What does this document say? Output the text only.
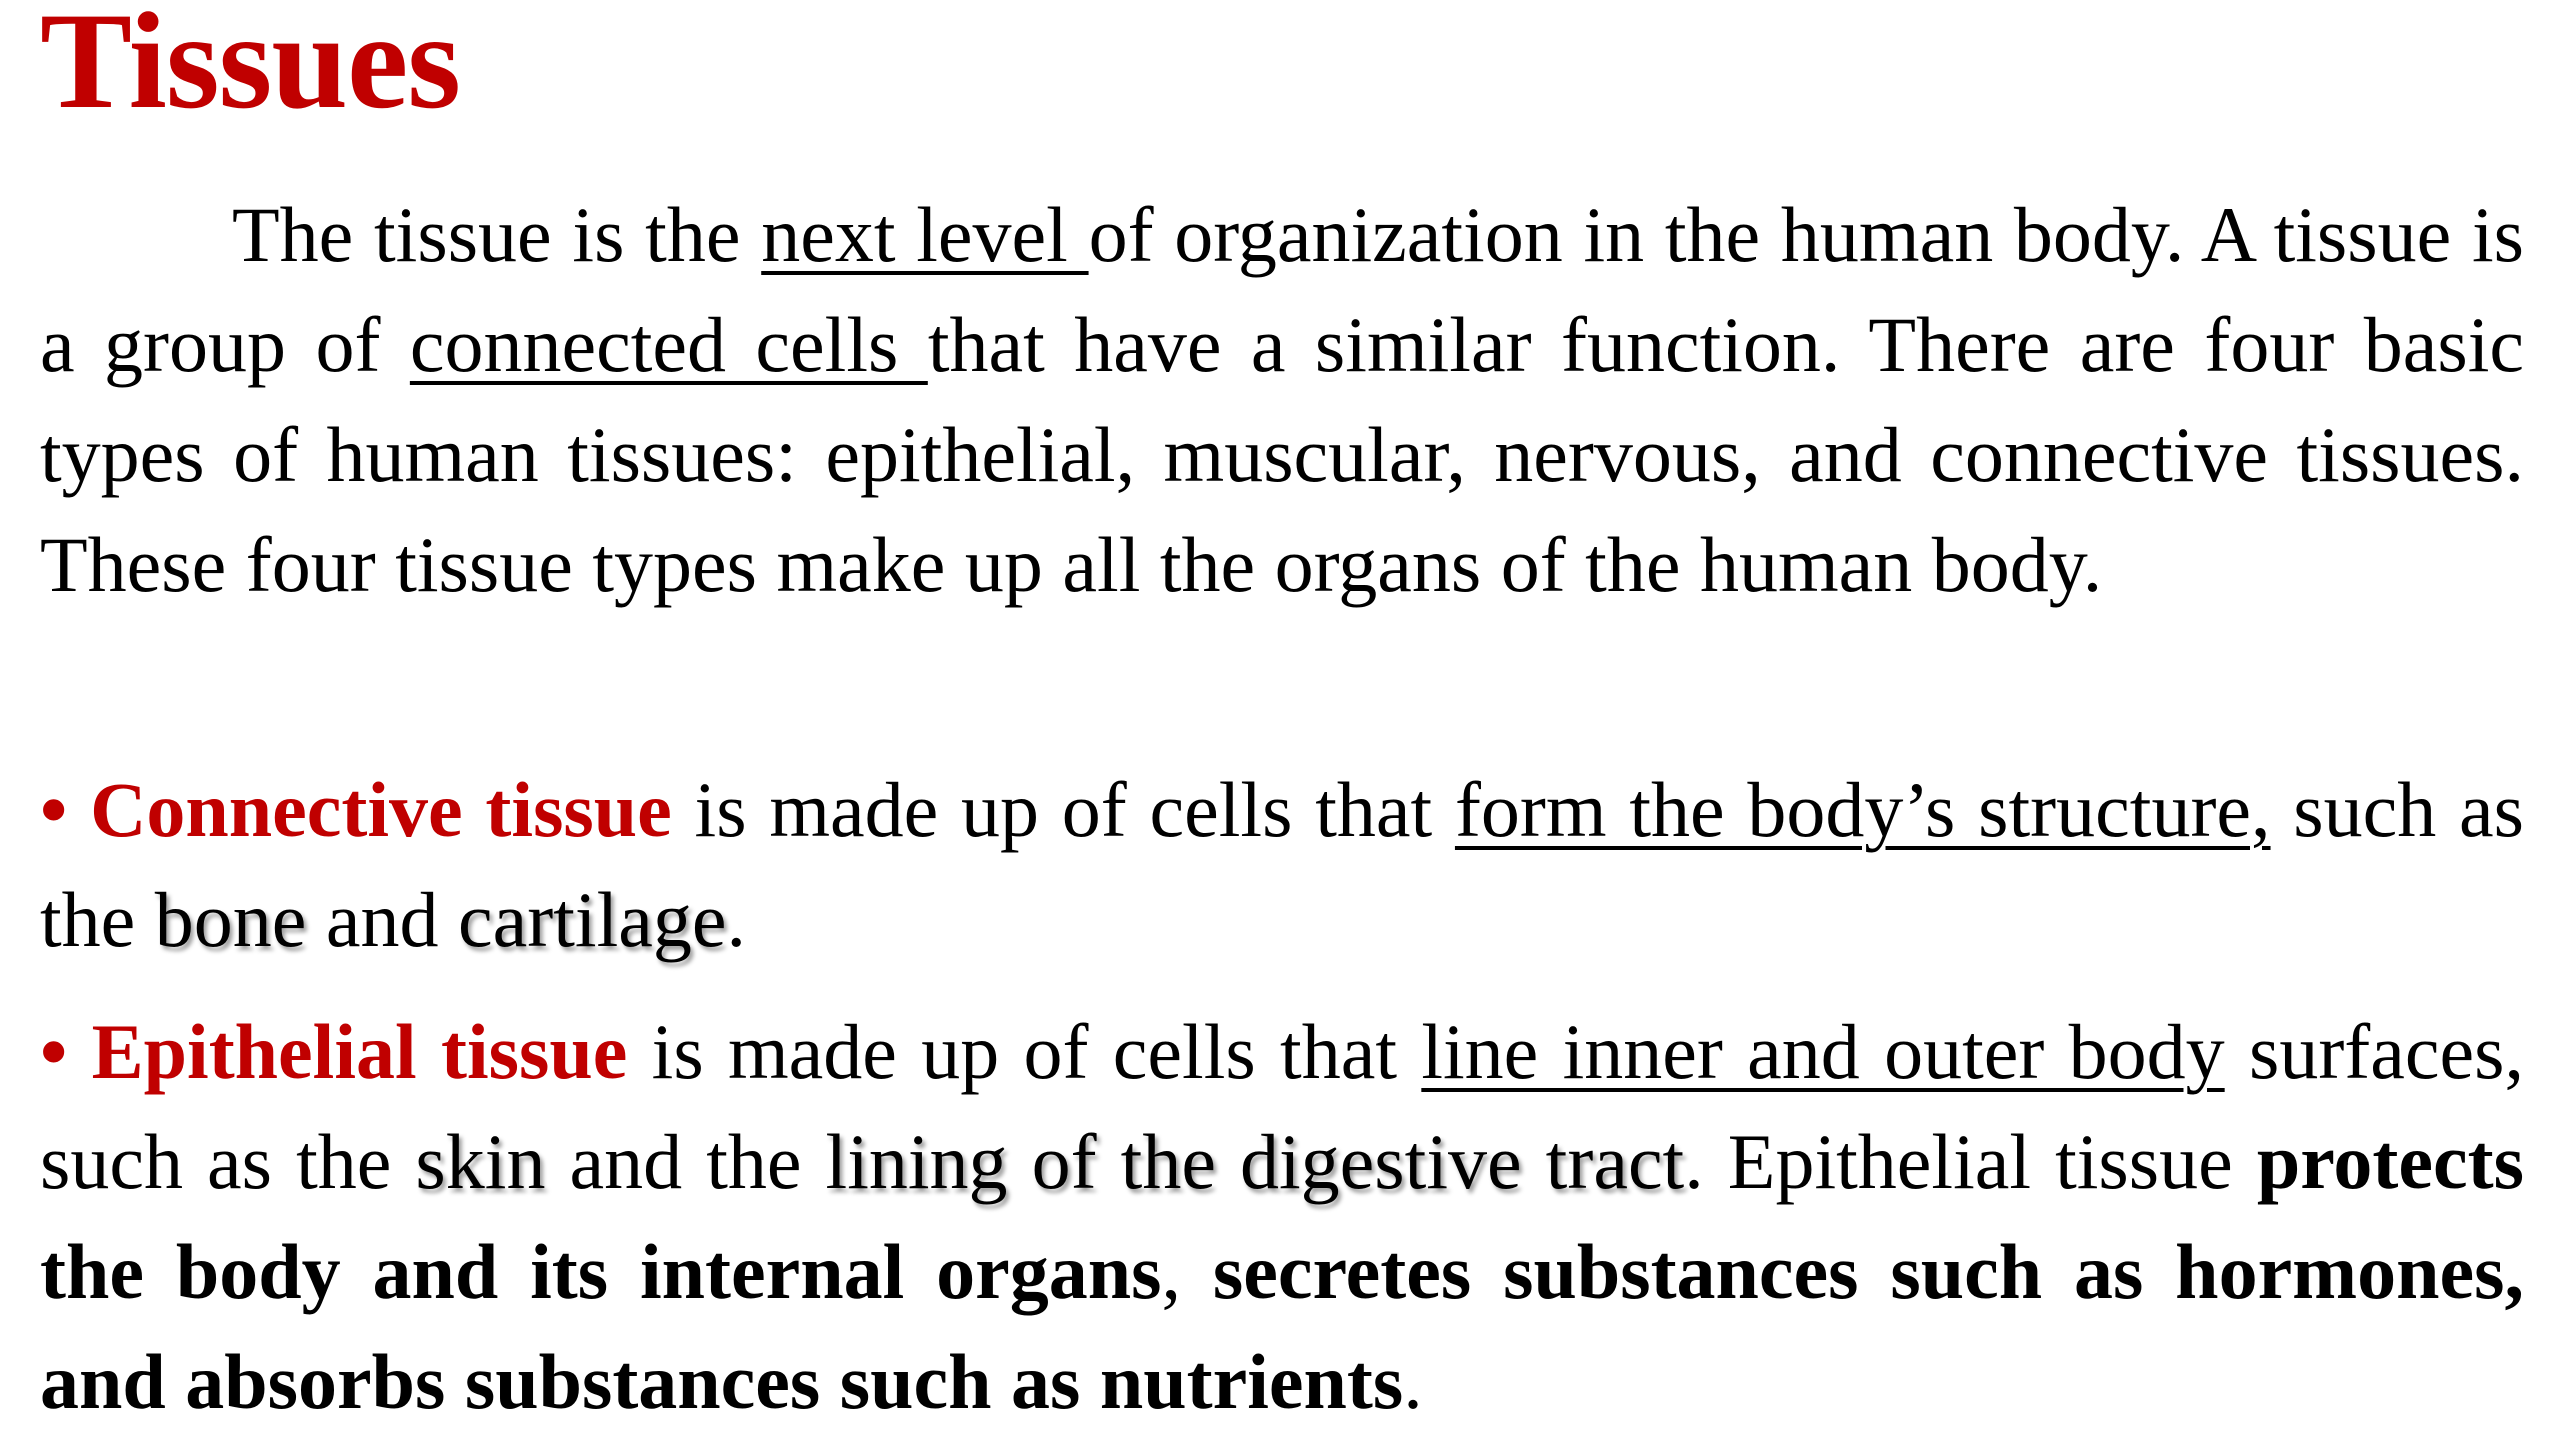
Tissues

The tissue is the next level of organization in the human body. A tissue is a group of connected cells that have a similar function. There are four basic types of human tissues: epithelial, muscular, nervous, and connective tissues. These four tissue types make up all the organs of the human body.

• Connective tissue is made up of cells that form the body’s structure, such as the bone and cartilage.

• Epithelial tissue is made up of cells that line inner and outer body surfaces, such as the skin and the lining of the digestive tract. Epithelial tissue protects the body and its internal organs, secretes substances such as hormones, and absorbs substances such as nutrients.
